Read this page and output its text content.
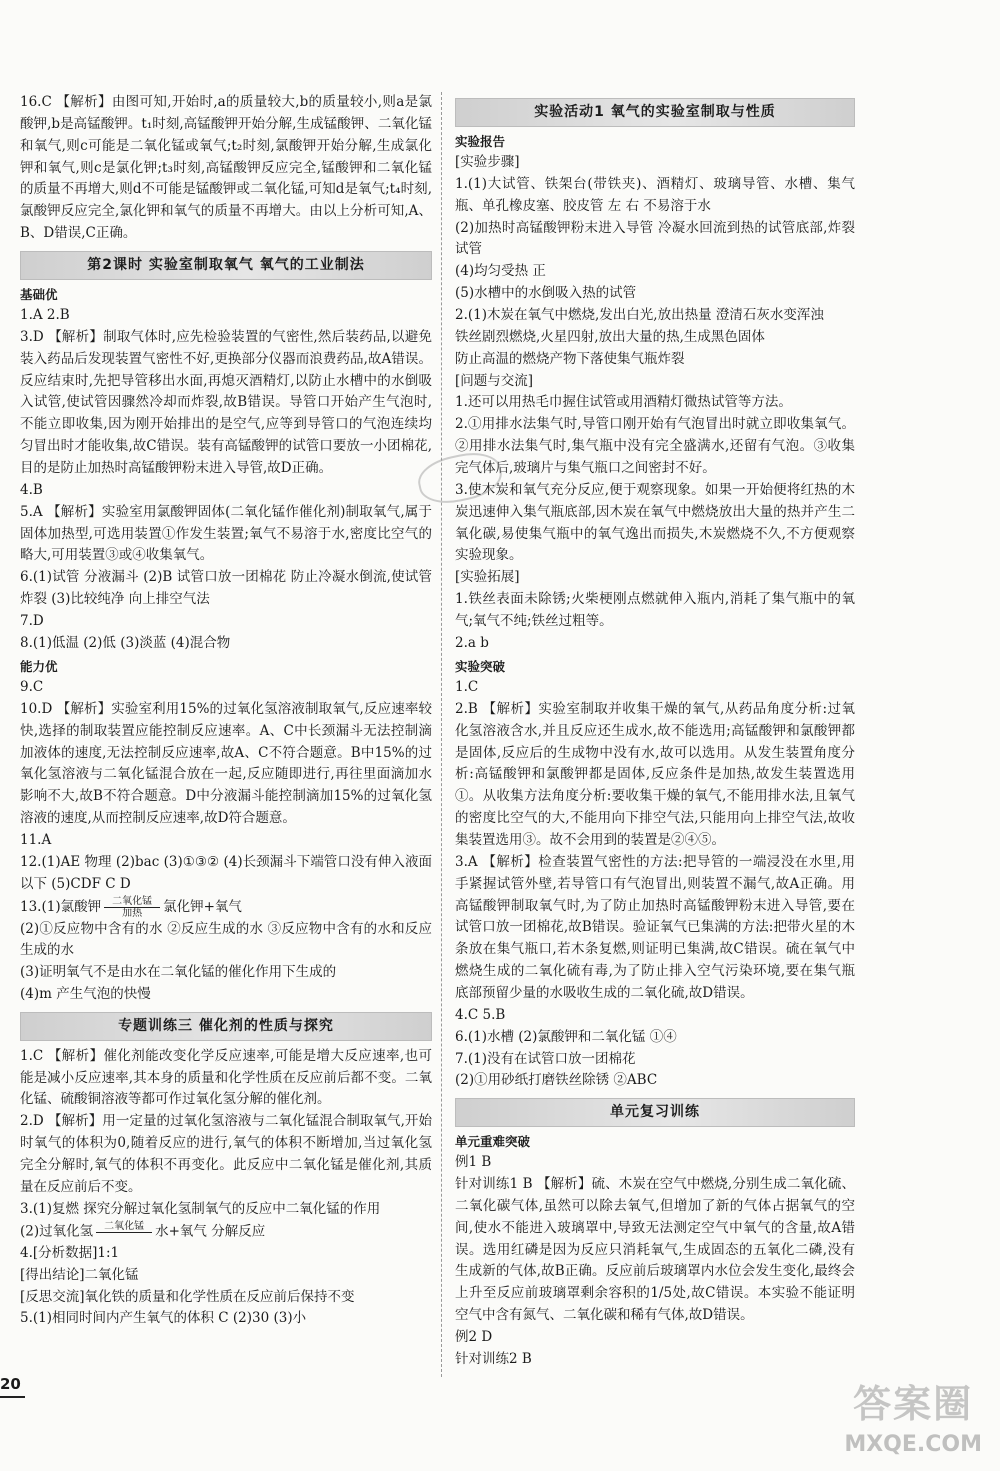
16.C 【解析】由图可知,开始时,a的质量较大,b的质量较小,则a是氯酸钾,b是高锰酸钾。t₁时刻,高锰酸钾开始分解,生成锰酸钾、二氧化锰和氧气,则c可能是二氧化锰或氧气;t₂时刻,氯酸钾开始分解,生成氯化钾和氧气,则c是氯化钾;t₃时刻,高锰酸钾反应完全,锰酸钾和二氧化锰的质量不再增大,则d不可能是锰酸钾或二氧化锰,可知d是氧气;t₄时刻,氯酸钾反应完全,氯化钾和氧气的质量不再增大。由以上分析可知,A、B、D错误,C正确。

第2课时 实验室制取氧气 氧气的工业制法
基础优

1.A 2.B

3.D 【解析】制取气体时,应先检验装置的气密性,然后装药品,以避免装入药品后发现装置气密性不好,更换部分仪器而浪费药品,故A错误。反应结束时,先把导管移出水面,再熄灭酒精灯,以防止水槽中的水倒吸入试管,使试管因骤然冷却而炸裂,故B错误。导管口开始产生气泡时,不能立即收集,因为刚开始排出的是空气,应等到导管口的气泡连续均匀冒出时才能收集,故C错误。装有高锰酸钾的试管口要放一小团棉花,目的是防止加热时高锰酸钾粉末进入导管,故D正确。

4.B

5.A 【解析】实验室用氯酸钾固体(二氧化锰作催化剂)制取氧气,属于固体加热型,可选用装置①作发生装置;氧气不易溶于水,密度比空气的略大,可用装置③或④收集氧气。

6.(1)试管 分液漏斗 (2)B 试管口放一团棉花 防止冷凝水倒流,使试管炸裂 (3)比较纯净 向上排空气法

7.D

8.(1)低温 (2)低 (3)淡蓝 (4)混合物

能力优

9.C

10.D 【解析】实验室利用15%的过氧化氢溶液制取氧气,反应速率较快,选择的制取装置应能控制反应速率。A、C中长颈漏斗无法控制滴加液体的速度,无法控制反应速率,故A、C不符合题意。B中15%的过氧化氢溶液与二氧化锰混合放在一起,反应随即进行,再往里面滴加水影响不大,故B不符合题意。D中分液漏斗能控制滴加15%的过氧化氢溶液的速度,从而控制反应速率,故D符合题意。

11.A

12.(1)AE 物理 (2)bac (3)①③② (4)长颈漏斗下端管口没有伸入液面以下 (5)CDF C D

13.(1)氯酸钾	二氧化锰
加热	氯化钾+氧气

(2)①反应物中含有的水 ②反应生成的水 ③反应物中含有的水和反应生成的水

(3)证明氧气不是由水在二氧化锰的催化作用下生成的

(4)m 产生气泡的快慢

专题训练三 催化剂的性质与探究

1.C 【解析】催化剂能改变化学反应速率,可能是增大反应速率,也可能是减小反应速率,其本身的质量和化学性质在反应前后都不变。二氧化锰、硫酸铜溶液等都可作过氧化氢分解的催化剂。

2.D 【解析】用一定量的过氧化氢溶液与二氧化锰混合制取氧气,开始时氧气的体积为0,随着反应的进行,氧气的体积不断增加,当过氧化氢完全分解时,氧气的体积不再变化。此反应中二氧化锰是催化剂,其质量在反应前后不变。

3.(1)复燃 探究分解过氧化氢制氧气的反应中二氧化锰的作用

(2)过氧化氢	二氧化锰 水+氧气 分解反应

4.[分析数据]1:1

[得出结论]二氧化锰

[反思交流]氧化铁的质量和化学性质在反应前后保持不变

5.(1)相同时间内产生氧气的体积 C (2)30 (3)小

实验活动1 氧气的实验室制取与性质
实验报告

[实验步骤]

1.(1)大试管、铁架台(带铁夹)、酒精灯、玻璃导管、水槽、集气瓶、单孔橡皮塞、胶皮管 左 右 不易溶于水

(2)加热时高锰酸钾粉末进入导管 冷凝水回流到热的试管底部,炸裂试管

(4)均匀受热 正

(5)水槽中的水倒吸入热的试管

2.(1)木炭在氧气中燃烧,发出白光,放出热量 澄清石灰水变浑浊

铁丝剧烈燃烧,火星四射,放出大量的热,生成黑色固体

防止高温的燃烧产物下落使集气瓶炸裂

[问题与交流]

1.还可以用热毛巾握住试管或用酒精灯微热试管等方法。

2.①用排水法集气时,导管口刚开始有气泡冒出时就立即收集氧气。②用排水法集气时,集气瓶中没有完全盛满水,还留有气泡。③收集完气体后,玻璃片与集气瓶口之间密封不好。

3.使木炭和氧气充分反应,便于观察现象。如果一开始便将红热的木炭迅速伸入集气瓶底部,因木炭在氧气中燃烧放出大量的热并产生二氧化碳,易使集气瓶中的氧气逸出而损失,木炭燃烧不久,不方便观察实验现象。

[实验拓展]

1.铁丝表面未除锈;火柴梗刚点燃就伸入瓶内,消耗了集气瓶中的氧气;氧气不纯;铁丝过粗等。

2.a b

实验突破

1.C

2.B 【解析】实验室制取并收集干燥的氧气,从药品角度分析:过氧化氢溶液含水,并且反应还生成水,故不能选用;高锰酸钾和氯酸钾都是固体,反应后的生成物中没有水,故可以选用。从发生装置角度分析:高锰酸钾和氯酸钾都是固体,反应条件是加热,故发生装置选用①。从收集方法角度分析:要收集干燥的氧气,不能用排水法,且氧气的密度比空气的大,不能用向下排空气法,只能用向上排空气法,故收集装置选用③。故不会用到的装置是②④⑤。

3.A 【解析】检查装置气密性的方法:把导管的一端浸没在水里,用手紧握试管外壁,若导管口有气泡冒出,则装置不漏气,故A正确。用高锰酸钾制取氧气时,为了防止加热时高锰酸钾粉末进入导管,要在试管口放一团棉花,故B错误。验证氧气已集满的方法:把带火星的木条放在集气瓶口,若木条复燃,则证明已集满,故C错误。硫在氧气中燃烧生成的二氧化硫有毒,为了防止排入空气污染环境,要在集气瓶底部预留少量的水吸收生成的二氧化硫,故D错误。

4.C 5.B

6.(1)水槽 (2)氯酸钾和二氧化锰 ①④

7.(1)没有在试管口放一团棉花

(2)①用砂纸打磨铁丝除锈 ②ABC

单元复习训练
单元重难突破

例1 B

针对训练1 B 【解析】硫、木炭在空气中燃烧,分别生成二氧化硫、二氧化碳气体,虽然可以除去氧气,但增加了新的气体占据氧气的空间,使水不能进入玻璃罩中,导致无法测定空气中氧气的含量,故A错误。选用红磷是因为反应只消耗氧气,生成固态的五氧化二磷,没有生成新的气体,故B正确。反应前后玻璃罩内水位会发生变化,最终会上升至反应前玻璃罩剩余容积的1/5处,故C错误。本实验不能证明空气中含有氮气、二氧化碳和稀有气体,故D错误。

例2 D

针对训练2 B

20	答案圈
MXQE.COM
